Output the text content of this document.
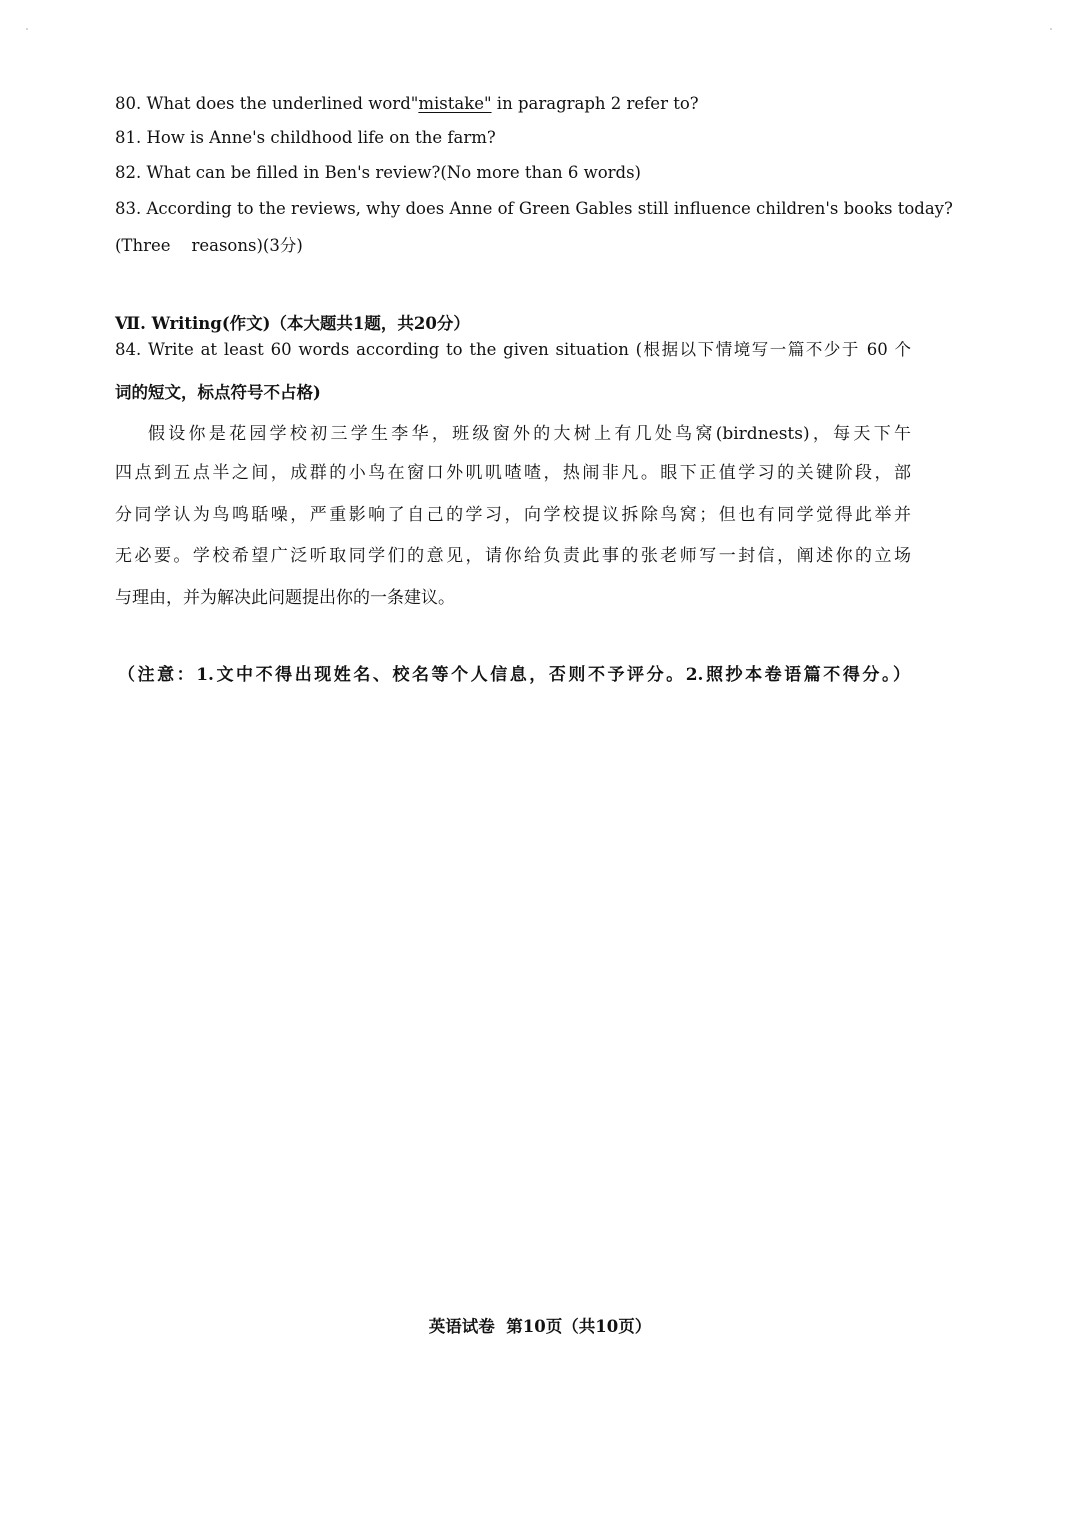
80. What does the underlined word"mistake" in paragraph 2 refer to?
81. How is Anne's childhood life on the farm?
82. What can be filled in Ben's review?(No more than 6 words)
83. According to the reviews, why does Anne of Green Gables still influence children's books today?
(Three    reasons)(3分)
Ⅶ. Writing(作文)（本大题共1题，共20分）
84. Write at least 60 words according to the given situation (根据以下情境写一篇不少于 60 个
词的短文，标点符号不占格)
假设你是花园学校初三学生李华，班级窗外的大树上有几处鸟窝(birdnests)，每天下午
四点到五点半之间，成群的小鸟在窗口外叽叽喳喳，热闹非凡。眼下正值学习的关键阶段，部
分同学认为鸟鸣聒噪，严重影响了自己的学习，向学校提议拆除鸟窝；但也有同学觉得此举并
无必要。学校希望广泛听取同学们的意见，请你给负责此事的张老师写一封信，阐述你的立场
与理由，并为解决此问题提出你的一条建议。
（注意：1.文中不得出现姓名、校名等个人信息，否则不予评分。2.照抄本卷语篇不得分。）
英语试卷  第10页（共10页）
